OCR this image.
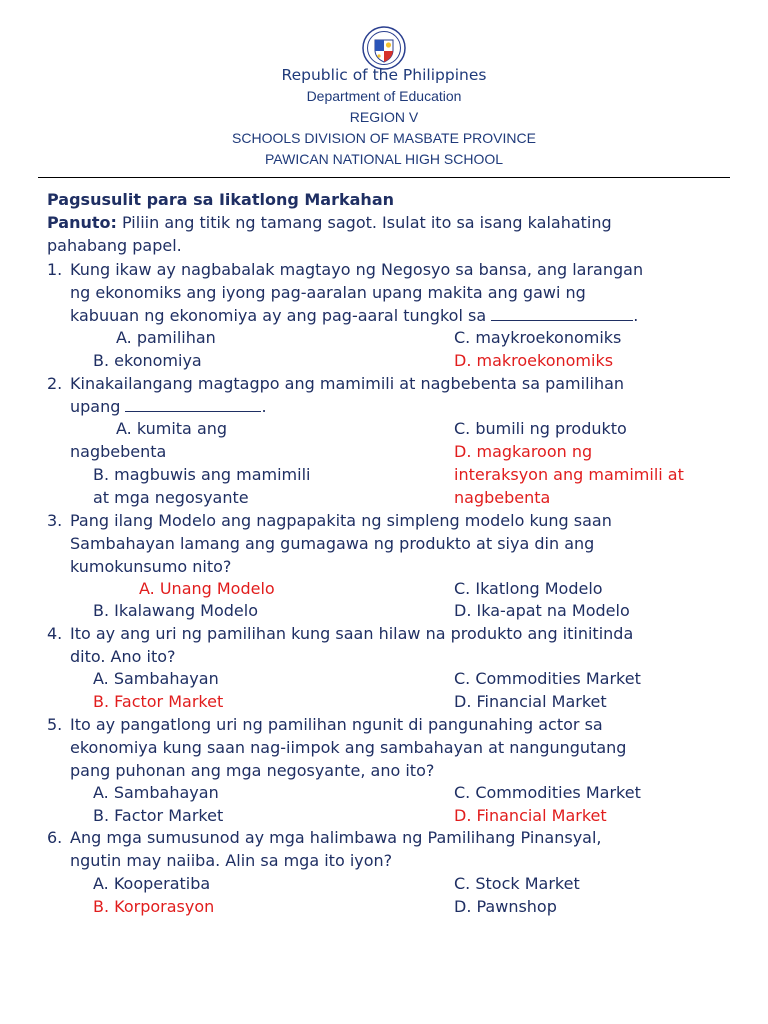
Republic of the Philippines
Department of Education
REGION V
SCHOOLS DIVISION OF MASBATE PROVINCE
PAWICAN NATIONAL HIGH SCHOOL
Pagsusulit para sa Iikatlong Markahan
Panuto: Piliin ang titik ng tamang sagot. Isulat ito sa isang kalahating
pahabang papel.
1. Kung ikaw ay nagbabalak magtayo ng Negosyo sa bansa, ang larangan
ng ekonomiks ang iyong pag-aaralan upang makita ang gawi ng
kabuuan ng ekonomiya ay ang pag-aaral tungkol sa	.
A. pamilihan
B. ekonomiya
C. maykroekonomiks
D. makroekonomiks
2. Kinakailangang magtagpo ang mamimili at nagbebenta sa pamilihan
upang	.
A. kumita ang
nagbebenta
B. magbuwis ang mamimili
at mga negosyante
C. bumili ng produkto
D. magkaroon ng
interaksyon ang mamimili at
nagbebenta
3. Pang ilang Modelo ang nagpapakita ng simpleng modelo kung saan
Sambahayan lamang ang gumagawa ng produkto at siya din ang
kumokunsumo nito?
A. Unang Modelo
B. Ikalawang Modelo
C. Ikatlong Modelo
D. Ika-apat na Modelo
4. Ito ay ang uri ng pamilihan kung saan hilaw na produkto ang itinitinda
dito. Ano ito?
A. Sambahayan
B. Factor Market
C. Commodities Market
D. Financial Market
5. Ito ay pangatlong uri ng pamilihan ngunit di pangunahing actor sa
ekonomiya kung saan nag-iimpok ang sambahayan at nangungutang
pang puhonan ang mga negosyante, ano ito?
A. Sambahayan
B. Factor Market
C. Commodities Market
D. Financial Market
6. Ang mga sumusunod ay mga halimbawa ng Pamilihang Pinansyal,
ngutin may naiiba. Alin sa mga ito iyon?
A. Kooperatiba
B. Korporasyon
C. Stock Market
D. Pawnshop
